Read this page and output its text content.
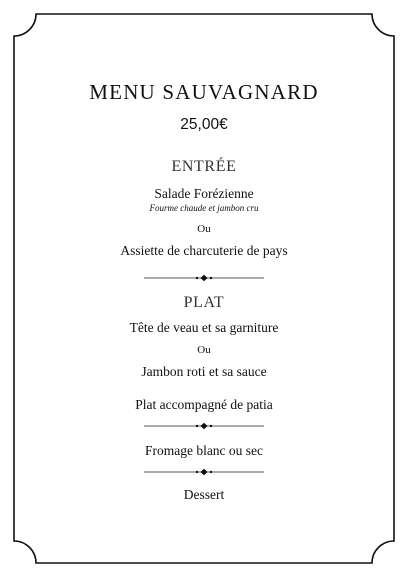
MENU SAUVAGNARD
25,00€
ENTRÉE
Salade Forézienne
Fourme chaude et jambon cru
Ou
Assiette de charcuterie de pays
PLAT
Tête de veau et sa garniture
Ou
Jambon roti et sa sauce
Plat accompagné de patia
Fromage blanc ou sec
Dessert
